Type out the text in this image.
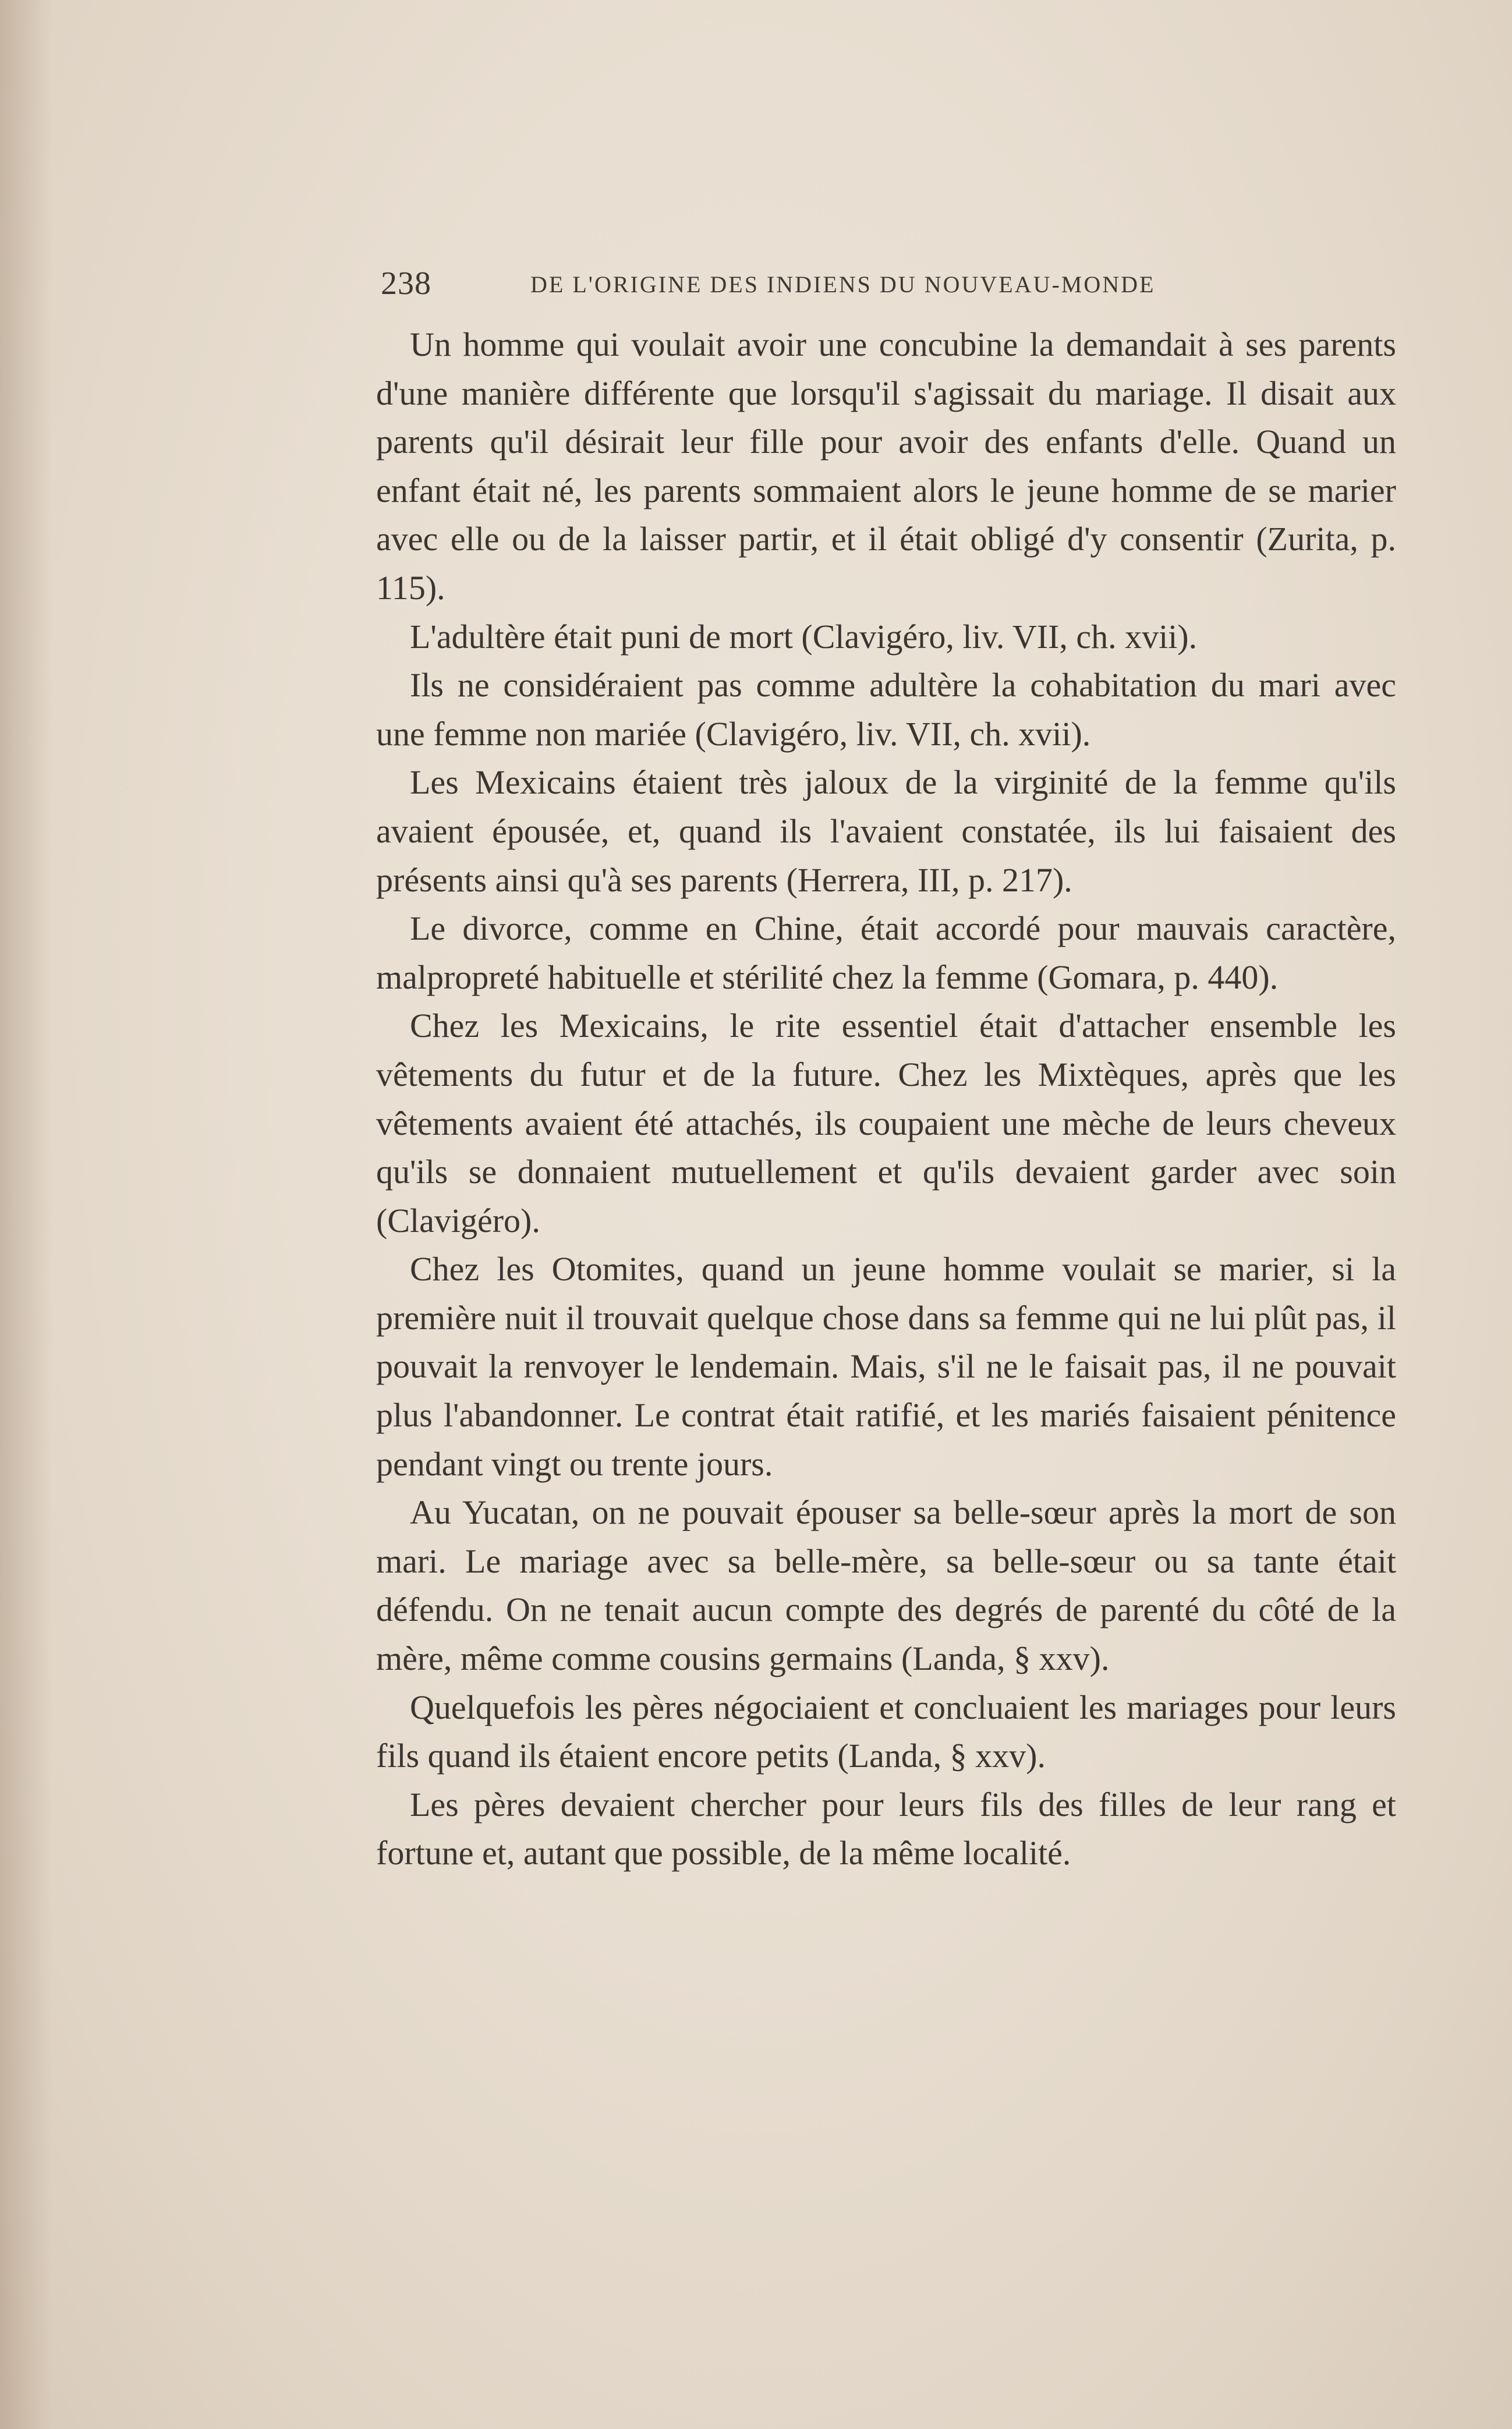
238	DE L'ORIGINE DES INDIENS DU NOUVEAU-MONDE

Un homme qui voulait avoir une concubine la demandait à ses parents d'une manière différente que lorsqu'il s'agissait du mariage. Il disait aux parents qu'il désirait leur fille pour avoir des enfants d'elle. Quand un enfant était né, les parents sommaient alors le jeune homme de se marier avec elle ou de la laisser partir, et il était obligé d'y consentir (Zurita, p. 115).

L'adultère était puni de mort (Clavigéro, liv. VII, ch. xvii).

Ils ne considéraient pas comme adultère la cohabitation du mari avec une femme non mariée (Clavigéro, liv. VII, ch. xvii).

Les Mexicains étaient très jaloux de la virginité de la femme qu'ils avaient épousée, et, quand ils l'avaient constatée, ils lui faisaient des présents ainsi qu'à ses parents (Herrera, III, p. 217).

Le divorce, comme en Chine, était accordé pour mauvais caractère, malpropreté habituelle et stérilité chez la femme (Gomara, p. 440).

Chez les Mexicains, le rite essentiel était d'attacher ensemble les vêtements du futur et de la future. Chez les Mixtèques, après que les vêtements avaient été attachés, ils coupaient une mèche de leurs cheveux qu'ils se donnaient mutuellement et qu'ils devaient garder avec soin (Clavigéro).

Chez les Otomites, quand un jeune homme voulait se marier, si la première nuit il trouvait quelque chose dans sa femme qui ne lui plût pas, il pouvait la renvoyer le lendemain. Mais, s'il ne le faisait pas, il ne pouvait plus l'abandonner. Le contrat était ratifié, et les mariés faisaient pénitence pendant vingt ou trente jours.

Au Yucatan, on ne pouvait épouser sa belle-sœur après la mort de son mari. Le mariage avec sa belle-mère, sa belle-sœur ou sa tante était défendu. On ne tenait aucun compte des degrés de parenté du côté de la mère, même comme cousins germains (Landa, § xxv).

Quelquefois les pères négociaient et concluaient les mariages pour leurs fils quand ils étaient encore petits (Landa, § xxv).

Les pères devaient chercher pour leurs fils des filles de leur rang et fortune et, autant que possible, de la même localité.
